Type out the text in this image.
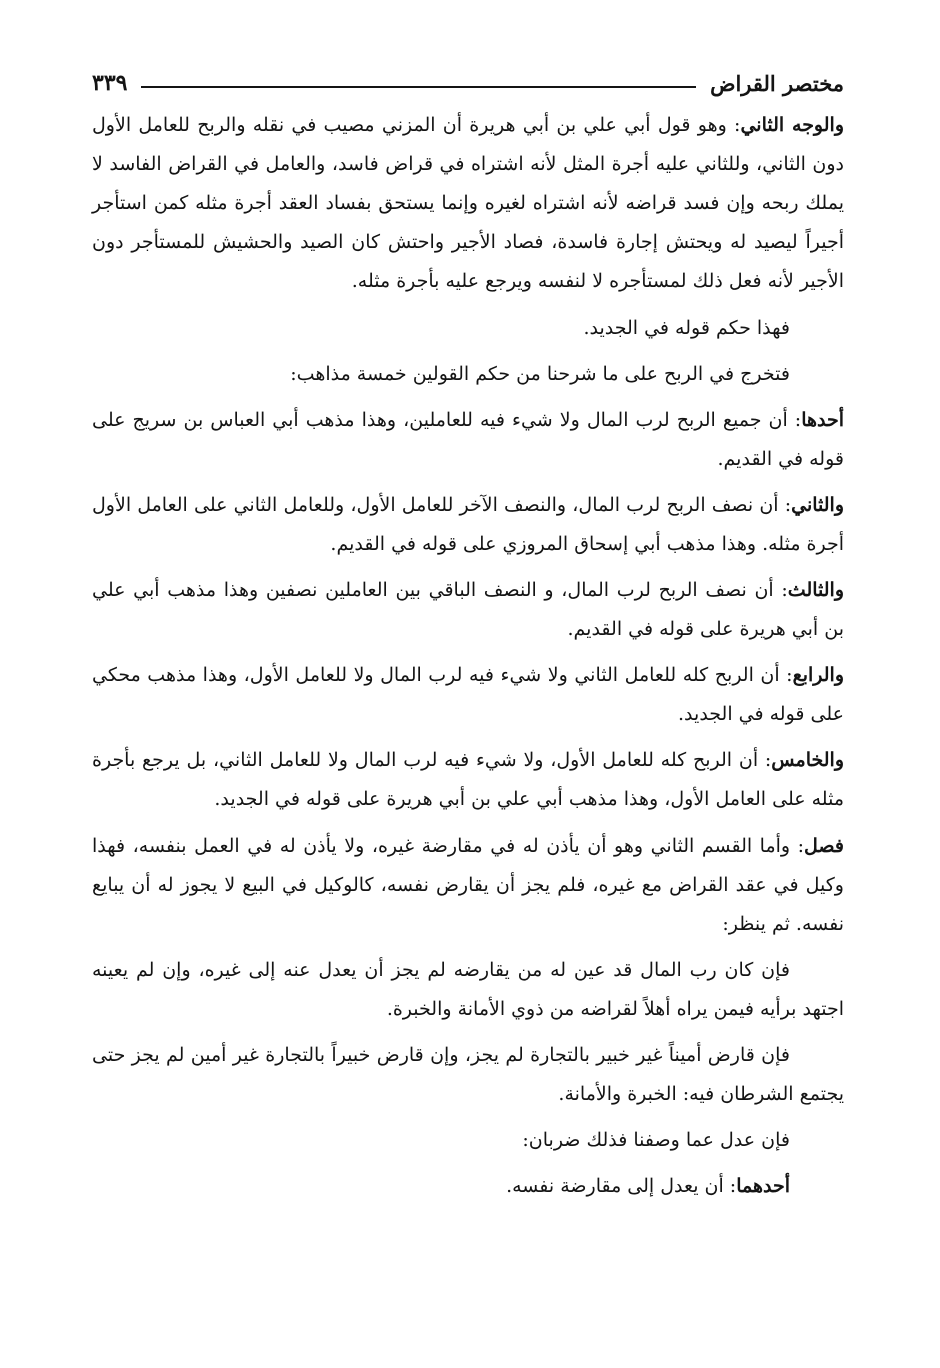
مختصر القراض
٣٣٩

والوجه الثاني: وهو قول أبي علي بن أبي هريرة أن المزني مصيب في نقله والربح للعامل الأول دون الثاني، وللثاني عليه أجرة المثل لأنه اشتراه في قراض فاسد، والعامل في القراض الفاسد لا يملك ربحه وإن فسد قراضه لأنه اشتراه لغيره وإنما يستحق بفساد العقد أجرة مثله كمن استأجر أجيراً ليصيد له ويحتش إجارة فاسدة، فصاد الأجير واحتش كان الصيد والحشيش للمستأجر دون الأجير لأنه فعل ذلك لمستأجره لا لنفسه ويرجع عليه بأجرة مثله.

فهذا حكم قوله في الجديد.

فتخرج في الربح على ما شرحنا من حكم القولين خمسة مذاهب:

أحدها: أن جميع الربح لرب المال ولا شيء فيه للعاملين، وهذا مذهب أبي العباس بن سريج على قوله في القديم.

والثاني: أن نصف الربح لرب المال، والنصف الآخر للعامل الأول، وللعامل الثاني على العامل الأول أجرة مثله. وهذا مذهب أبي إسحاق المروزي على قوله في القديم.

والثالث: أن نصف الربح لرب المال، و النصف الباقي بين العاملين نصفين وهذا مذهب أبي علي بن أبي هريرة على قوله في القديم.

والرابع: أن الربح كله للعامل الثاني ولا شيء فيه لرب المال ولا للعامل الأول، وهذا مذهب محكي على قوله في الجديد.

والخامس: أن الربح كله للعامل الأول، ولا شيء فيه لرب المال ولا للعامل الثاني، بل يرجع بأجرة مثله على العامل الأول، وهذا مذهب أبي علي بن أبي هريرة على قوله في الجديد.

فصل: وأما القسم الثاني وهو أن يأذن له في مقارضة غيره، ولا يأذن له في العمل بنفسه، فهذا وكيل في عقد القراض مع غيره، فلم يجز أن يقارض نفسه، كالوكيل في البيع لا يجوز له أن يبايع نفسه. ثم ينظر:

فإن كان رب المال قد عين له من يقارضه لم يجز أن يعدل عنه إلى غيره، وإن لم يعينه اجتهد برأيه فيمن يراه أهلاً لقراضه من ذوي الأمانة والخبرة.

فإن قارض أميناً غير خبير بالتجارة لم يجز، وإن قارض خبيراً بالتجارة غير أمين لم يجز حتى يجتمع الشرطان فيه: الخبرة والأمانة.

فإن عدل عما وصفنا فذلك ضربان:

أحدهما: أن يعدل إلى مقارضة نفسه.
